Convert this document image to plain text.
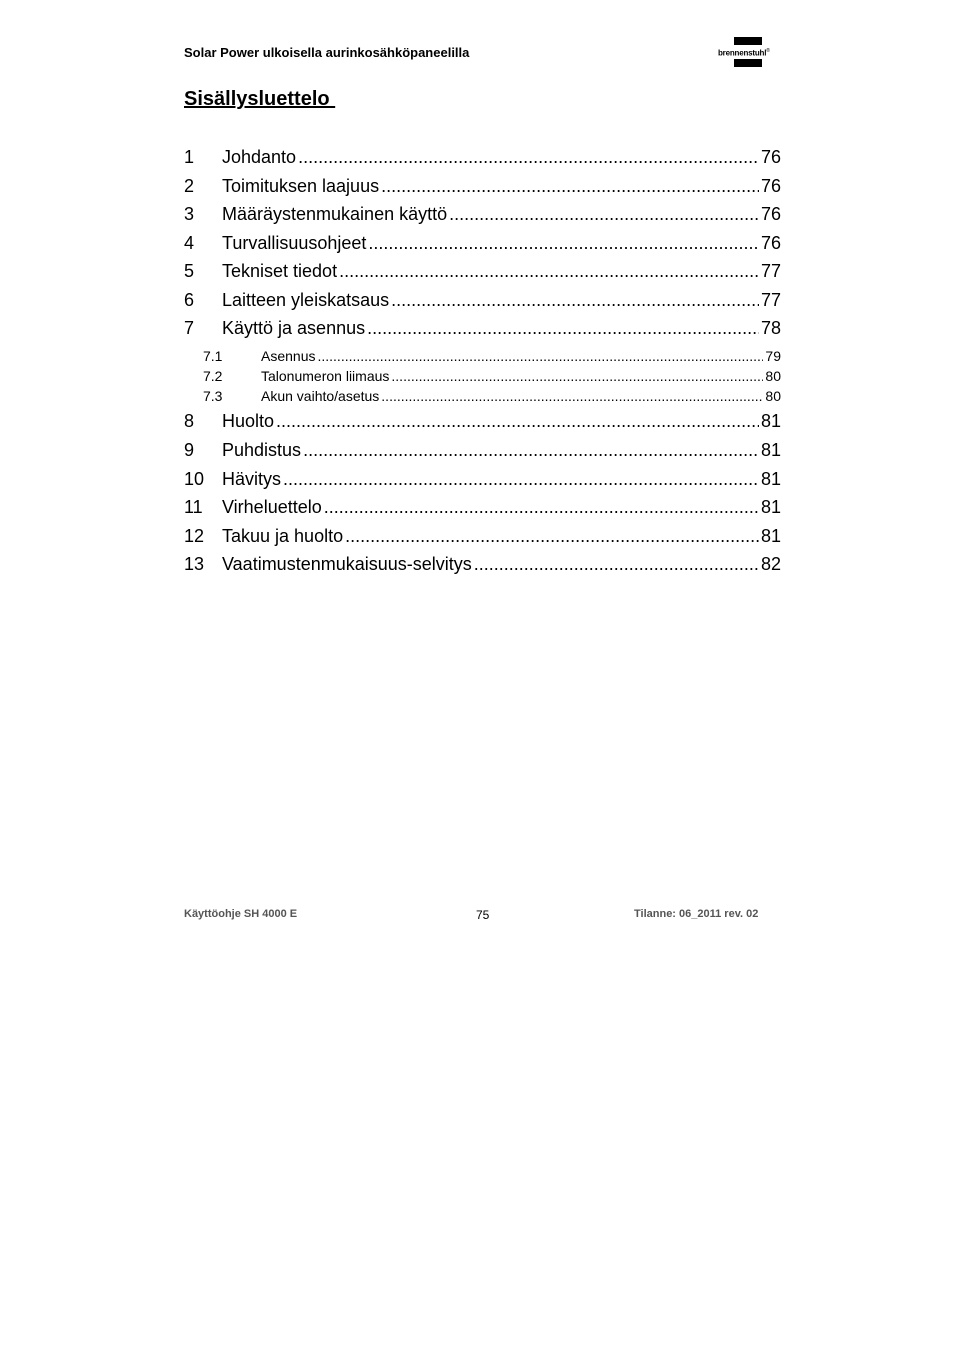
Solar Power ulkoisella aurinkosähköpaneelilla	brennenstuhl®
Sisällysluettelo
1	Johdanto .....	76
2	Toimituksen laajuus .....	76
3	Määräystenmukainen käyttö .....	76
4	Turvallisuusohjeet .....	76
5	Tekniset tiedot .....	77
6	Laitteen yleiskatsaus .....	77
7	Käyttö ja asennus .....	78
7.1	Asennus .....	79
7.2	Talonumeron liimaus .....	80
7.3	Akun vaihto/asetus .....	80
8	Huolto .....	81
9	Puhdistus .....	81
10 Hävitys .....	81
11	Virheluettelo .....	81
12 Takuu ja huolto .....	81
13 Vaatimustenmukaisuus-selvitys .....	82
Käyttöohje SH 4000 E	75	Tilanne: 06_2011 rev. 02
